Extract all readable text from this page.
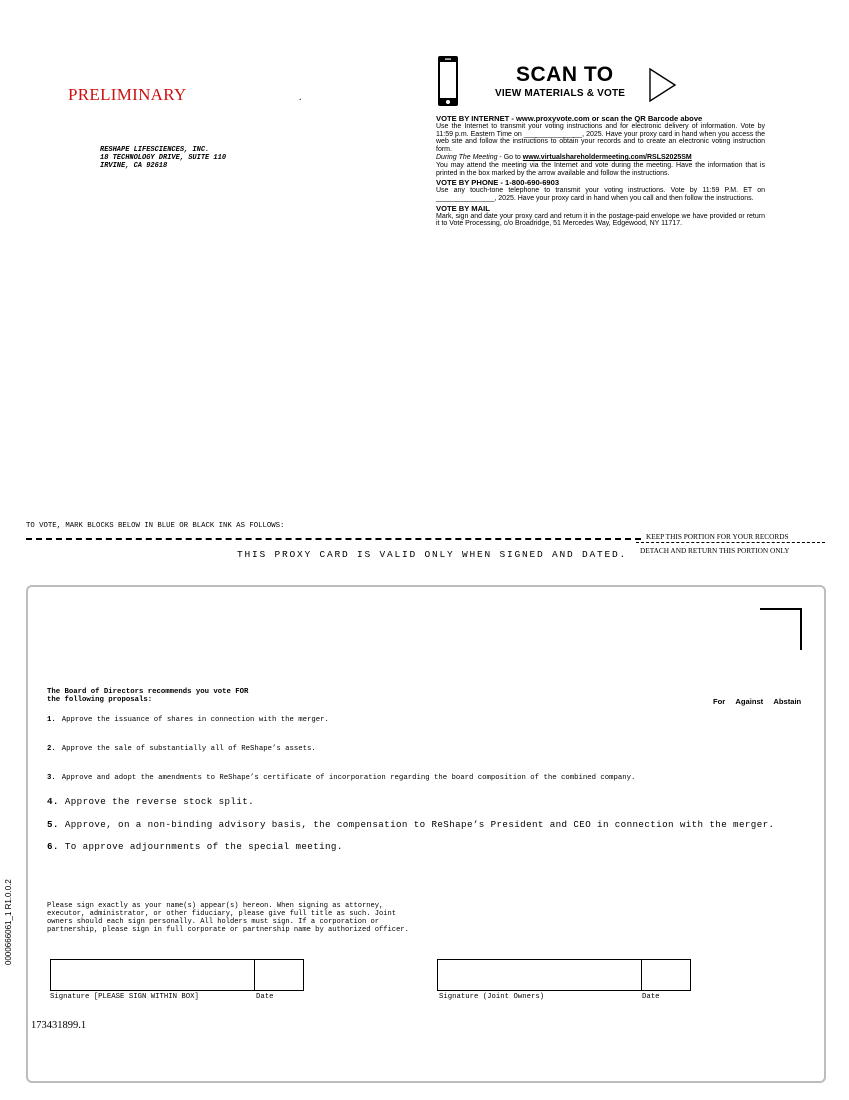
PRELIMINARY	.
RESHAPE LIFESCIENCES, INC.
18 TECHNOLOGY DRIVE, SUITE 110
IRVINE, CA 92618
SCAN TO
VIEW MATERIALS & VOTE
VOTE BY INTERNET - www.proxyvote.com or scan the QR Barcode above

Use the Internet to transmit your voting instructions and for electronic delivery of information. Vote by 11:59 p.m. Eastern Time on _______________, 2025. Have your proxy card in hand when you access the web site and follow the instructions to obtain your records and to create an electronic voting instruction form.

During The Meeting - Go to www.virtualshareholdermeeting.com/RSLS2025SM

You may attend the meeting via the Internet and vote during the meeting. Have the information that is printed in the box marked by the arrow available and follow the instructions.

VOTE BY PHONE - 1-800-690-6903

Use any touch-tone telephone to transmit your voting instructions. Vote by 11:59 P.M. ET on _______________, 2025. Have your proxy card in hand when you call and then follow the instructions.

VOTE BY MAIL

Mark, sign and date your proxy card and return it in the postage-paid envelope we have provided or return it to Vote Processing, c/o Broadridge, 51 Mercedes Way, Edgewood, NY 11717.

TO VOTE, MARK BLOCKS BELOW IN BLUE OR BLACK INK AS FOLLOWS:
KEEP THIS PORTION FOR YOUR RECORDS
DETACH AND RETURN THIS PORTION ONLY
THIS PROXY CARD IS VALID ONLY WHEN SIGNED AND DATED.
The Board of Directors recommends you vote FOR
the following proposals:	For Against Abstain
1. Approve the issuance of shares in connection with the merger.
2. Approve the sale of substantially all of ReShape’s assets.
3. Approve and adopt the amendments to ReShape’s certificate of incorporation regarding the board composition of the combined company.
4. Approve the reverse stock split.
5. Approve, on a non-binding advisory basis, the compensation to ReShape’s President and CEO in connection with the merger.
6. To approve adjournments of the special meeting.
0000666061_1 R1.0.0.2	Please sign exactly as your name(s) appear(s) hereon. When signing as attorney, executor, administrator, or other fiduciary, please give full title as such. Joint owners should each sign personally. All holders must sign. If a corporation or partnership, please sign in full corporate or partnership name by authorized officer.
Signature [PLEASE SIGN WITHIN BOX]	Date	Signature (Joint Owners)	Date
173431899.1
